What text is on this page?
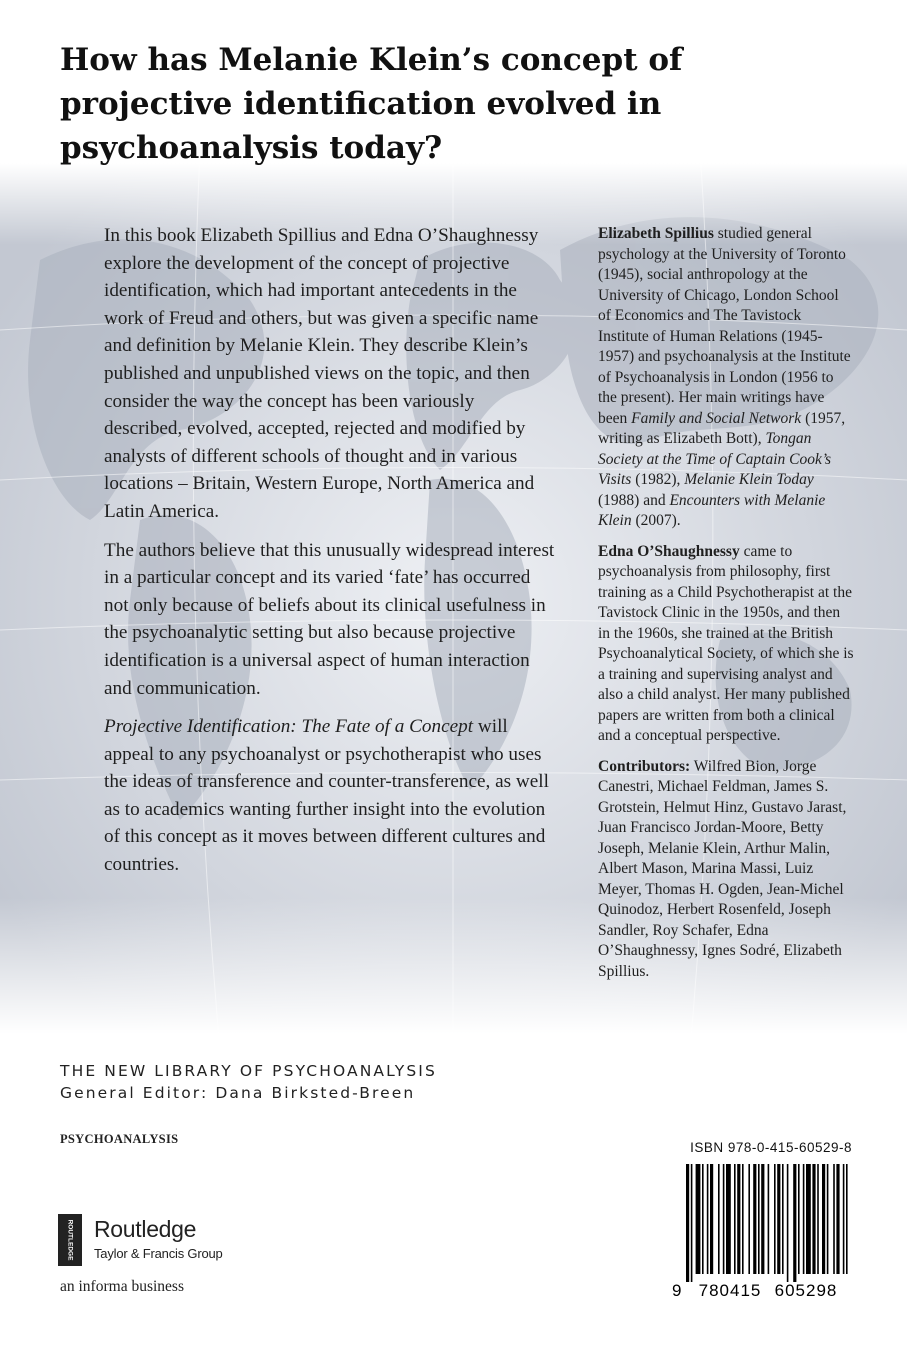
How has Melanie Klein’s concept of projective identification evolved in psychoanalysis today?

In this book Elizabeth Spillius and Edna O’Shaughnessy explore the development of the concept of projective identification, which had important antecedents in the work of Freud and others, but was given a specific name and definition by Melanie Klein. They describe Klein’s published and unpublished views on the topic, and then consider the way the concept has been variously described, evolved, accepted, rejected and modified by analysts of different schools of thought and in various locations – Britain, Western Europe, North America and Latin America.

The authors believe that this unusually widespread interest in a particular concept and its varied ‘fate’ has occurred not only because of beliefs about its clinical usefulness in the psychoanalytic setting but also because projective identification is a universal aspect of human interaction and communication.

Projective Identification: The Fate of a Concept will appeal to any psychoanalyst or psychotherapist who uses the ideas of transference and counter-transference, as well as to academics wanting further insight into the evolution of this concept as it moves between different cultures and countries.

Elizabeth Spillius studied general psychology at the University of Toronto (1945), social anthropology at the University of Chicago, London School of Economics and The Tavistock Institute of Human Relations (1945-1957) and psychoanalysis at the Institute of Psychoanalysis in London (1956 to the present). Her main writings have been Family and Social Network (1957, writing as Elizabeth Bott), Tongan Society at the Time of Captain Cook’s Visits (1982), Melanie Klein Today (1988) and Encounters with Melanie Klein (2007).

Edna O’Shaughnessy came to psychoanalysis from philosophy, first training as a Child Psychotherapist at the Tavistock Clinic in the 1950s, and then in the 1960s, she trained at the British Psychoanalytical Society, of which she is a training and supervising analyst and also a child analyst. Her many published papers are written from both a clinical and a conceptual perspective.

Contributors: Wilfred Bion, Jorge Canestri, Michael Feldman, James S. Grotstein, Helmut Hinz, Gustavo Jarast, Juan Francisco Jordan-Moore, Betty Joseph, Melanie Klein, Arthur Malin, Albert Mason, Marina Massi, Luiz Meyer, Thomas H. Ogden, Jean-Michel Quinodoz, Herbert Rosenfeld, Joseph Sandler, Roy Schafer, Edna O’Shaughnessy, Ignes Sodré, Elizabeth Spillius.

THE NEW LIBRARY OF PSYCHOANALYSIS
General Editor: Dana Birksted-Breen
PSYCHOANALYSIS
ROUTLEDGE Routledge
Taylor & Francis Group
an informa business
ISBN 978-0-415-60529-8
9 780415 605298
